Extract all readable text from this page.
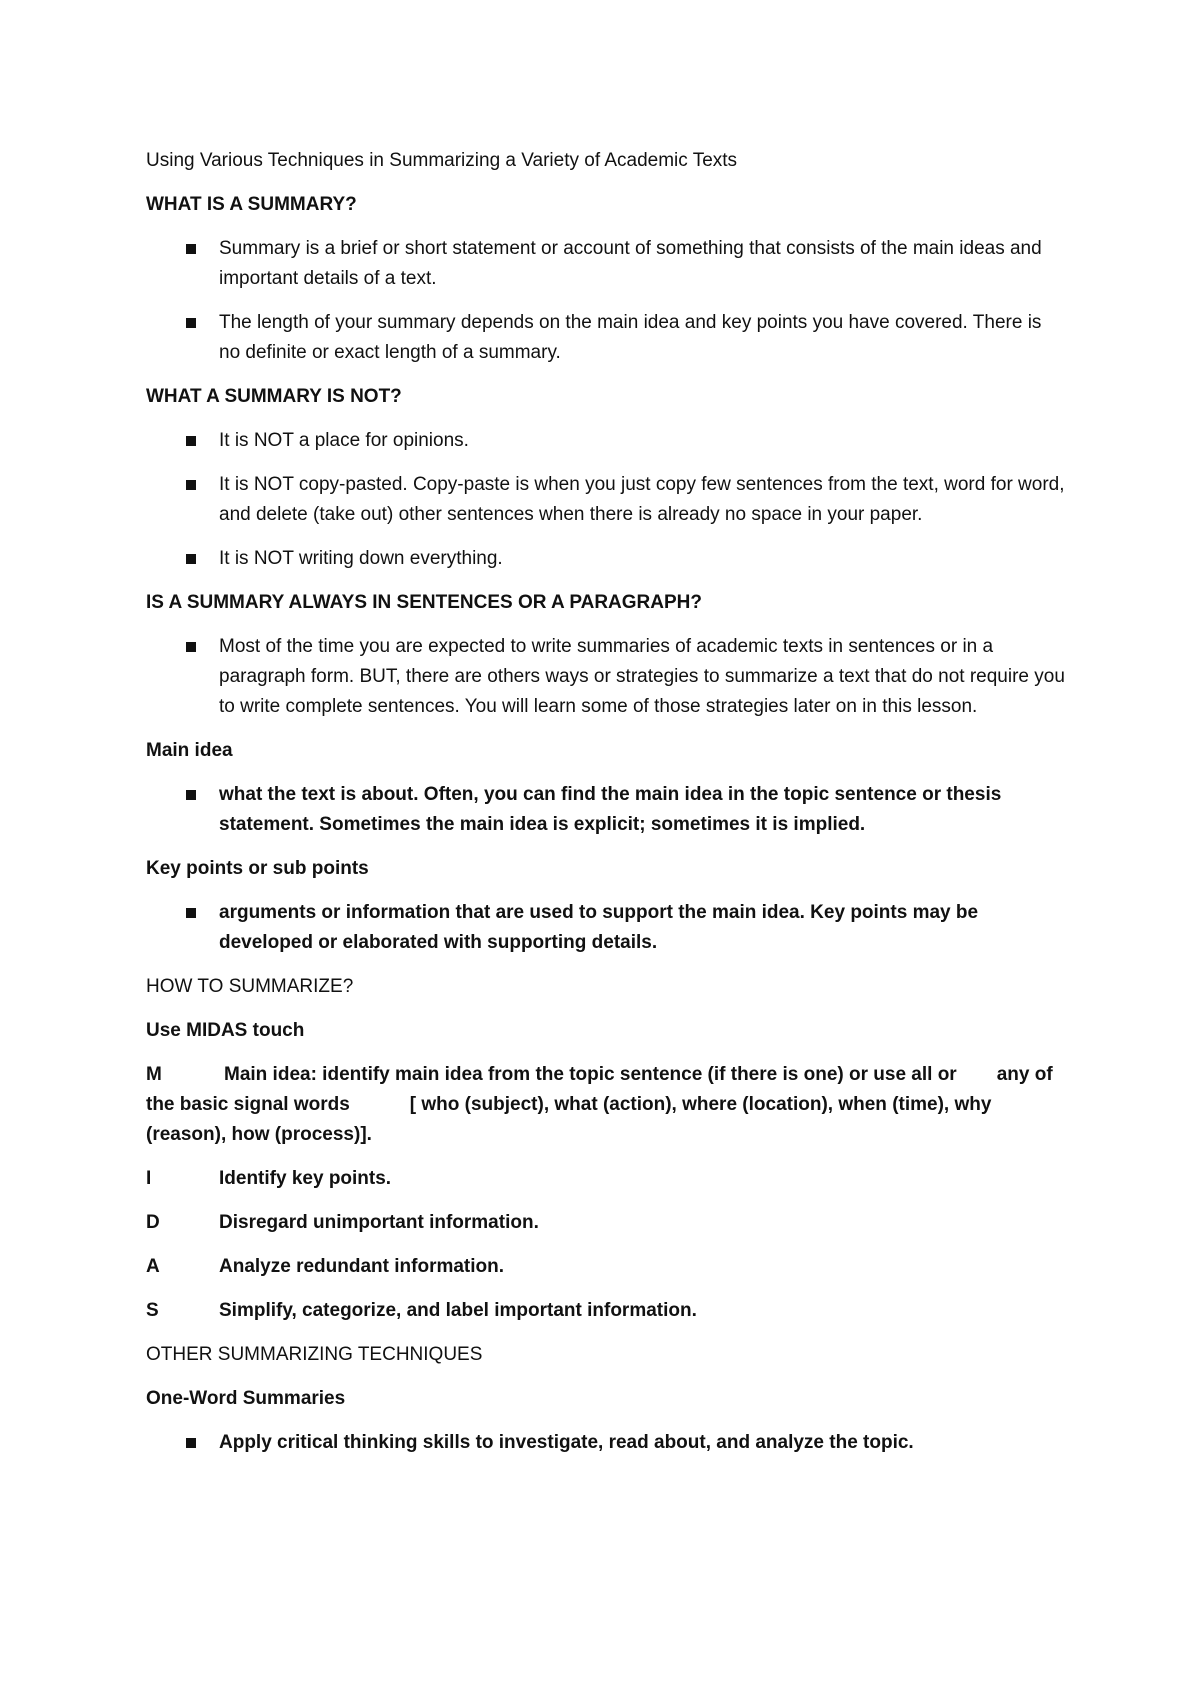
Using Various Techniques in Summarizing a Variety of Academic Texts

WHAT IS A SUMMARY?

Summary is a brief or short statement or account of something that consists of the main ideas and important details of a text.
The length of your summary depends on the main idea and key points you have covered. There is no definite or exact length of a summary.

WHAT A SUMMARY IS NOT?

It is NOT a place for opinions.
It is NOT copy-pasted. Copy-paste is when you just copy few sentences from the text, word for word, and delete (take out) other sentences when there is already no space in your paper.
It is NOT writing down everything.

IS A SUMMARY ALWAYS IN SENTENCES OR A PARAGRAPH?

Most of the time you are expected to write summaries of academic texts in sentences or in a paragraph form. BUT, there are others ways or strategies to summarize a text that do not require you to write complete sentences. You will learn some of those strategies later on in this lesson.

Main idea

what the text is about. Often, you can find the main idea in the topic sentence or thesis statement. Sometimes the main idea is explicit; sometimes it is implied.

Key points or sub points

arguments or information that are used to support the main idea. Key points may be developed or elaborated with supporting details.

HOW TO SUMMARIZE?

Use MIDAS touch

M	Main idea: identify main idea from the topic sentence (if there is one) or use all or any of the basic signal words	[ who (subject), what (action), where (location), when (time), why (reason), how (process)].

I	Identify key points.

D	Disregard unimportant information.

A	Analyze redundant information.

S	Simplify, categorize, and label important information.

OTHER SUMMARIZING TECHNIQUES

One-Word Summaries

Apply critical thinking skills to investigate, read about, and analyze the topic.
